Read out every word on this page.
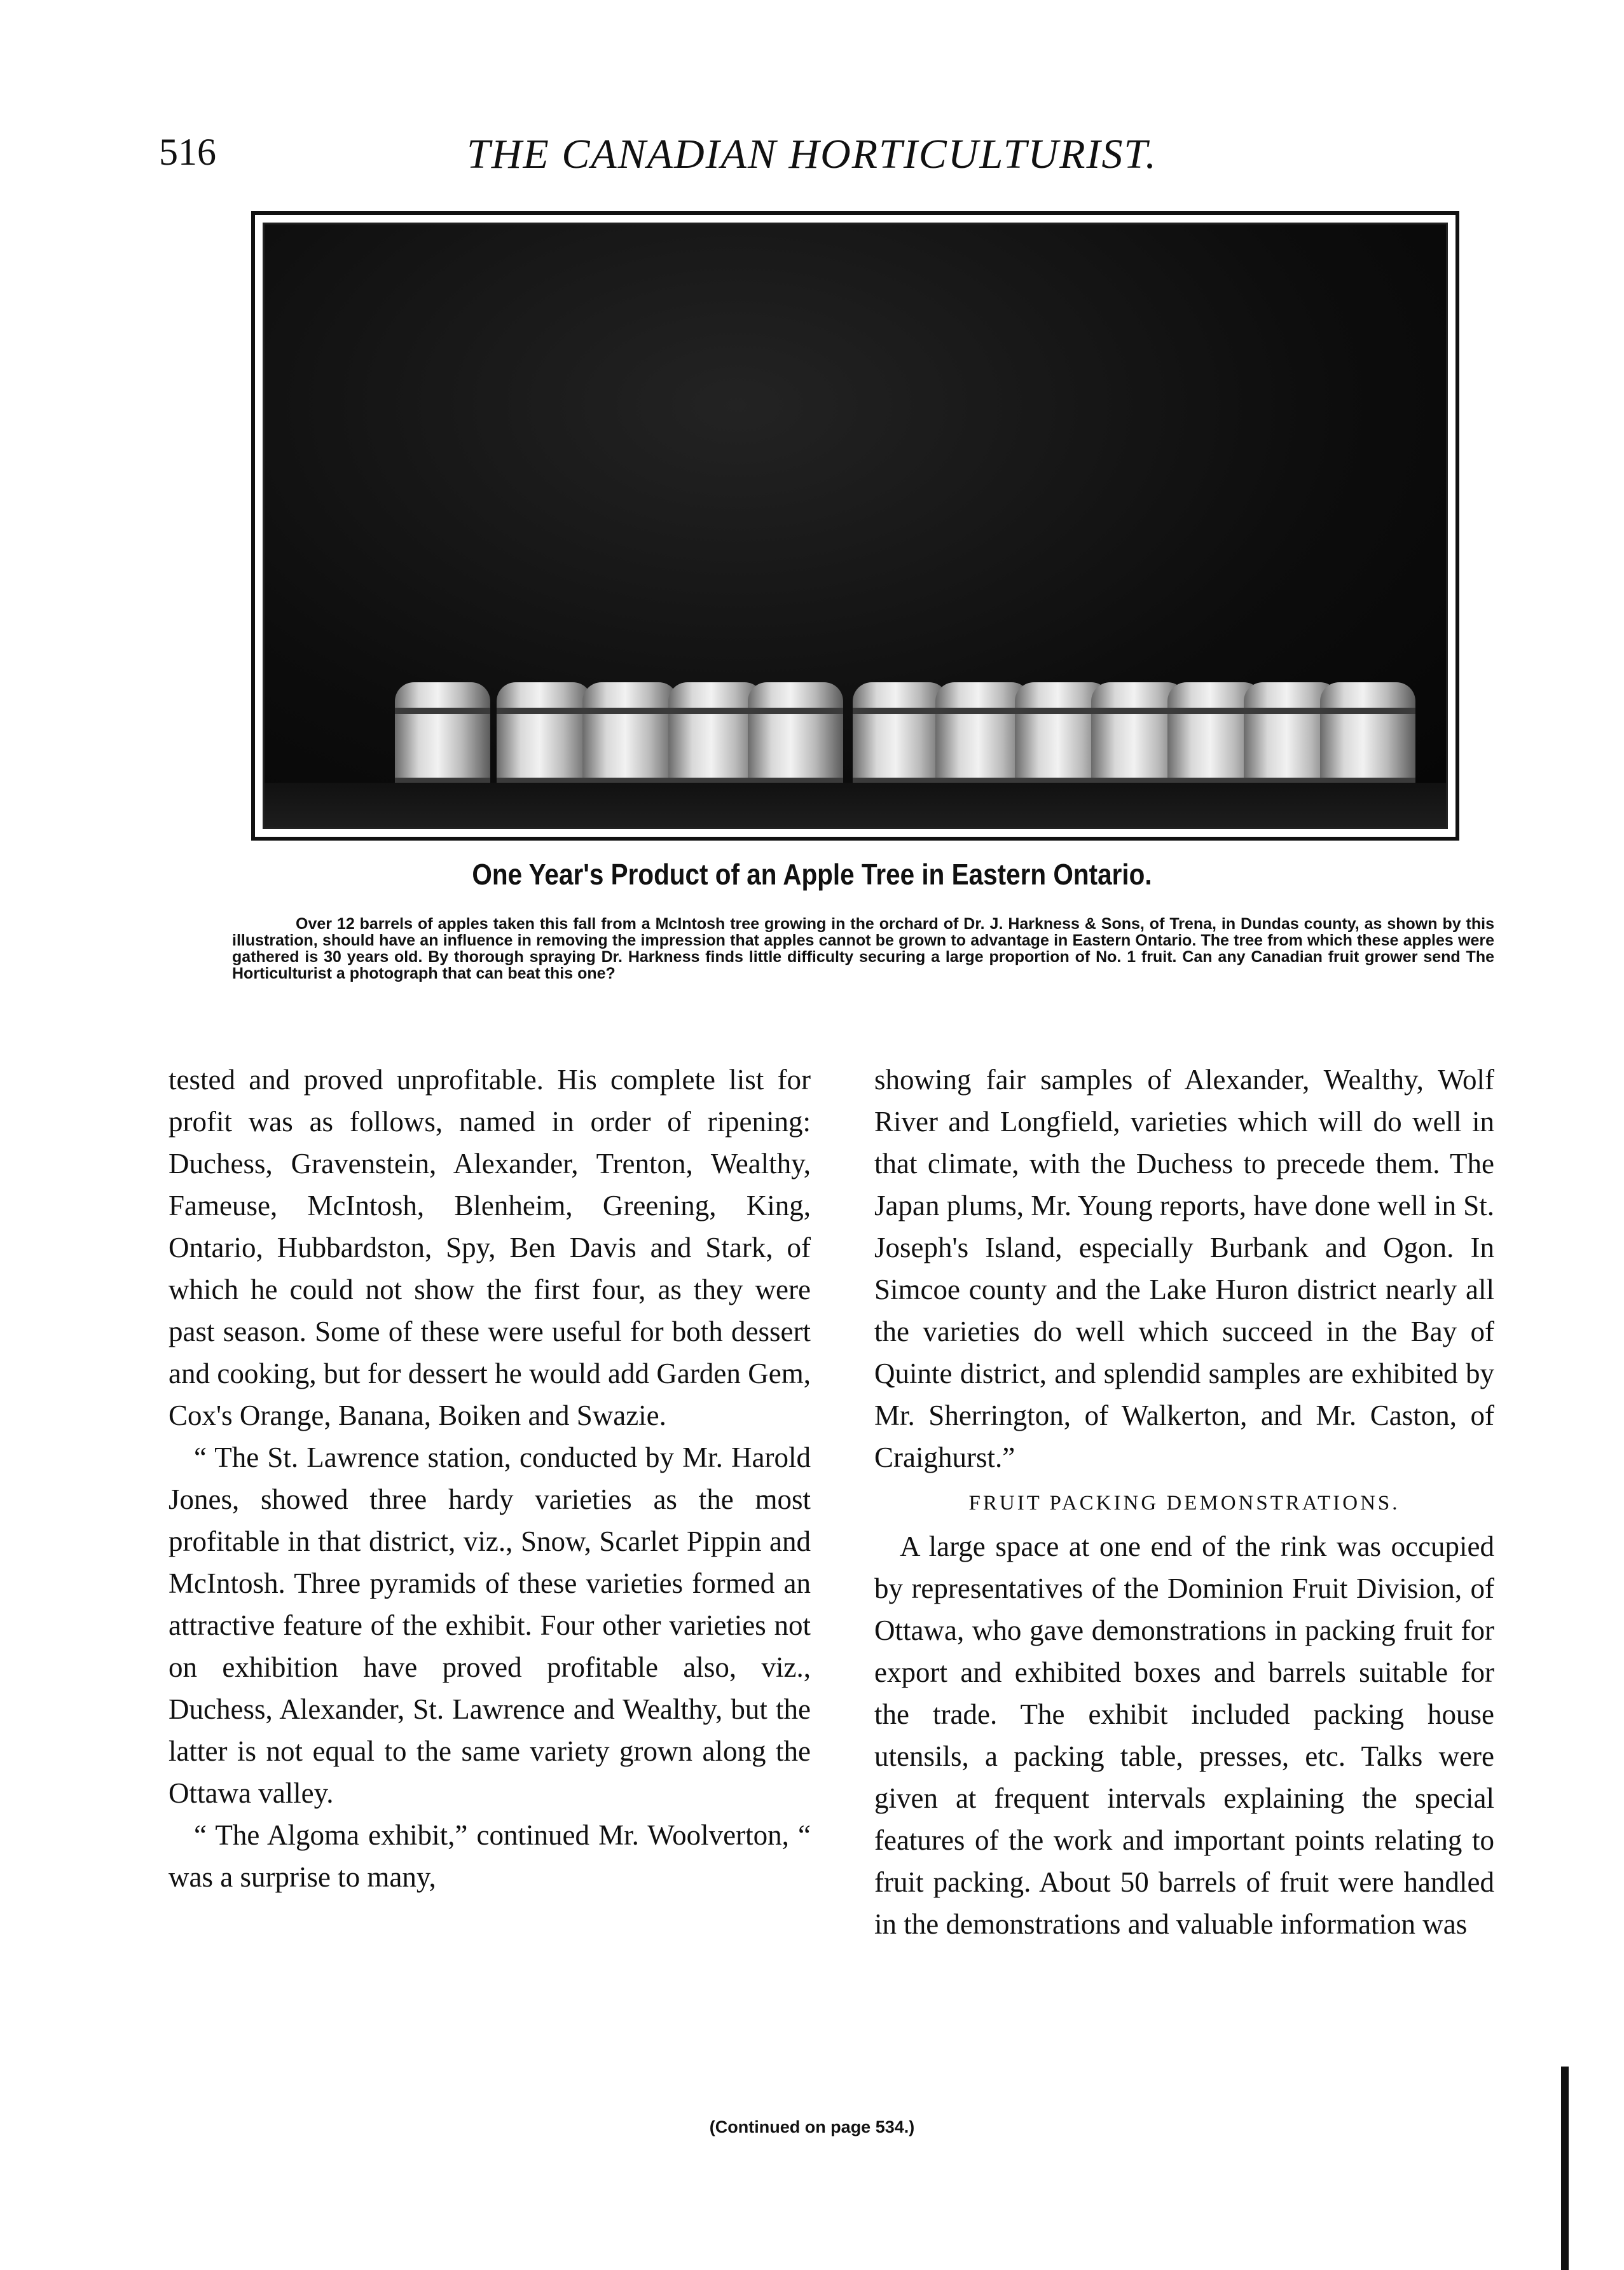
516	THE CANADIAN HORTICULTURIST.
One Year's Product of an Apple Tree in Eastern Ontario.
Over 12 barrels of apples taken this fall from a McIntosh tree growing in the orchard of Dr. J. Harkness & Sons, of Trena, in Dundas county, as shown by this illustration, should have an influence in removing the impression that apples cannot be grown to advantage in Eastern Ontario. The tree from which these apples were gathered is 30 years old. By thorough spraying Dr. Harkness finds little difficulty securing a large proportion of No. 1 fruit. Can any Canadian fruit grower send The Horticulturist a photograph that can beat this one?

tested and proved unprofitable. His complete list for profit was as follows, named in order of ripening: Duchess, Gravenstein, Alexander, Trenton, Wealthy, Fameuse, McIntosh, Blenheim, Greening, King, Ontario, Hubbardston, Spy, Ben Davis and Stark, of which he could not show the first four, as they were past season. Some of these were useful for both dessert and cooking, but for dessert he would add Garden Gem, Cox's Orange, Banana, Boiken and Swazie.

“ The St. Lawrence station, conducted by Mr. Harold Jones, showed three hardy varieties as the most profitable in that district, viz., Snow, Scarlet Pippin and McIntosh. Three pyramids of these varieties formed an attractive feature of the exhibit. Four other varieties not on exhibition have proved profitable also, viz., Duchess, Alexander, St. Lawrence and Wealthy, but the latter is not equal to the same variety grown along the Ottawa valley.

“ The Algoma exhibit,” continued Mr. Woolverton, “ was a surprise to many,

showing fair samples of Alexander, Wealthy, Wolf River and Longfield, varieties which will do well in that climate, with the Duchess to precede them. The Japan plums, Mr. Young reports, have done well in St. Joseph's Island, especially Burbank and Ogon. In Simcoe county and the Lake Huron district nearly all the varieties do well which succeed in the Bay of Quinte district, and splendid samples are exhibited by Mr. Sherrington, of Walkerton, and Mr. Caston, of Craighurst.”

FRUIT PACKING DEMONSTRATIONS.

A large space at one end of the rink was occupied by representatives of the Dominion Fruit Division, of Ottawa, who gave demonstrations in packing fruit for export and exhibited boxes and barrels suitable for the trade. The exhibit included packing house utensils, a packing table, presses, etc. Talks were given at frequent intervals explaining the special features of the work and important points relating to fruit packing. About 50 barrels of fruit were handled in the demonstrations and valuable information was

(Continued on page 534.)
